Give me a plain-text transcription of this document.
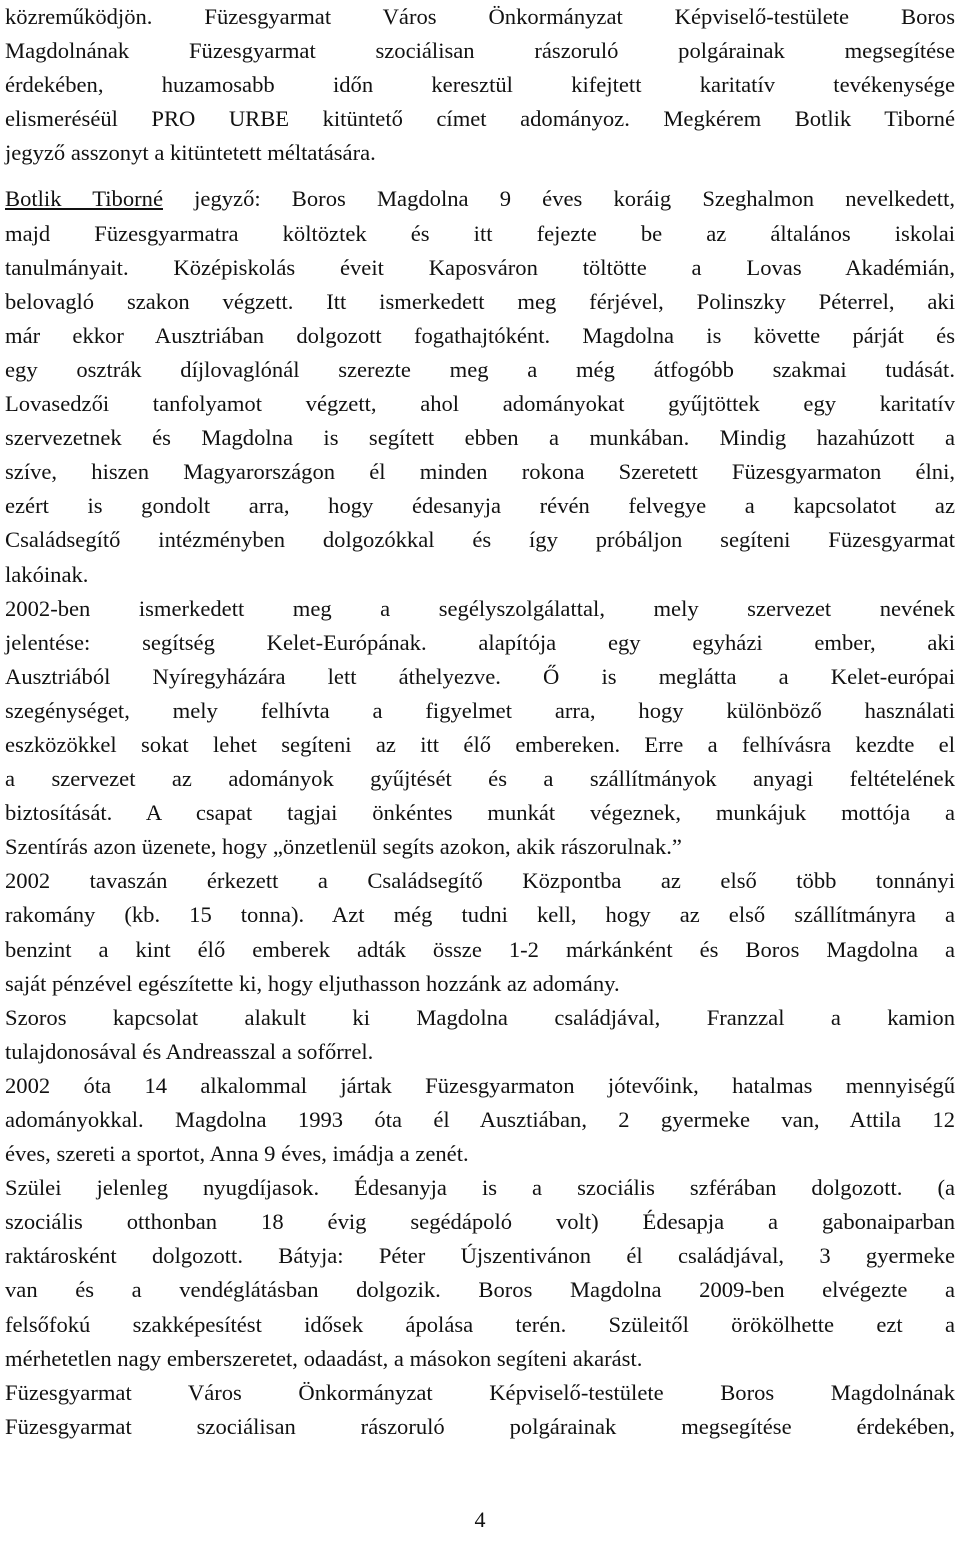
közreműködjön. Füzesgyarmat Város Önkormányzat Képviselő-testülete Boros
Magdolnának Füzesgyarmat szociálisan rászoruló polgárainak megsegítése
érdekében, huzamosabb időn keresztül kifejtett karitatív tevékenysége
elismeréséül PRO URBE kitüntető címet adományoz. Megkérem Botlik Tiborné
jegyző asszonyt a kitüntetett méltatására.
Botlik Tiborné jegyző: Boros Magdolna 9 éves koráig Szeghalmon nevelkedett,
majd Füzesgyarmatra költöztek és itt fejezte be az általános iskolai
tanulmányait. Középiskolás éveit Kaposváron töltötte a Lovas Akadémián,
belovagló szakon végzett. Itt ismerkedett meg férjével, Polinszky Péterrel, aki
már ekkor Ausztriában dolgozott fogathajtóként. Magdolna is követte párját és
egy osztrák díjlovaglónál szerezte meg a még átfogóbb szakmai tudását.
Lovasedzői tanfolyamot végzett, ahol adományokat gyűjtöttek egy karitatív
szervezetnek és Magdolna is segített ebben a munkában. Mindig hazahúzott a
szíve, hiszen Magyarországon él minden rokona Szeretett Füzesgyarmaton élni,
ezért is gondolt arra, hogy édesanyja révén felvegye a kapcsolatot az
Családsegítő intézményben dolgozókkal és így próbáljon segíteni Füzesgyarmat
lakóinak.
2002-ben ismerkedett meg a segélyszolgálattal, mely szervezet nevének
jelentése: segítség Kelet-Európának. alapítója egy egyházi ember, aki
Ausztriából Nyíregyházára lett áthelyezve. Ő is meglátta a Kelet-európai
szegénységet, mely felhívta a figyelmet arra, hogy különböző használati
eszközökkel sokat lehet segíteni az itt élő embereken. Erre a felhívásra kezdte el
a szervezet az adományok gyűjtését és a szállítmányok anyagi feltételének
biztosítását. A csapat tagjai önkéntes munkát végeznek, munkájuk mottója a
Szentírás azon üzenete, hogy „önzetlenül segíts azokon, akik rászorulnak.”
2002 tavaszán érkezett a Családsegítő Központba az első több tonnányi
rakomány (kb. 15 tonna). Azt még tudni kell, hogy az első szállítmányra a
benzint a kint élő emberek adták össze 1-2 márkánként és Boros Magdolna a
saját pénzével egészítette ki, hogy eljuthasson hozzánk az adomány.
Szoros kapcsolat alakult ki Magdolna családjával, Franzzal a kamion
tulajdonosával és Andreasszal a sofőrrel.
2002 óta 14 alkalommal jártak Füzesgyarmaton jótevőink, hatalmas mennyiségű
adományokkal. Magdolna 1993 óta él Ausztiában, 2 gyermeke van, Attila 12
éves, szereti a sportot, Anna 9 éves, imádja a zenét.
Szülei jelenleg nyugdíjasok. Édesanyja is a szociális szférában dolgozott. (a
szociális otthonban 18 évig segédápoló volt) Édesapja a gabonaiparban
raktárosként dolgozott. Bátyja: Péter Újszentivánon él családjával, 3 gyermeke
van és a vendéglátásban dolgozik. Boros Magdolna 2009-ben elvégezte a
felsőfokú szakképesítést idősek ápolása terén. Szüleitől örökölhette ezt a
mérhetetlen nagy emberszeretet, odaadást, a másokon segíteni akarást.
Füzesgyarmat Város Önkormányzat Képviselő-testülete Boros Magdolnának
Füzesgyarmat szociálisan rászoruló polgárainak megsegítése érdekében,
4
